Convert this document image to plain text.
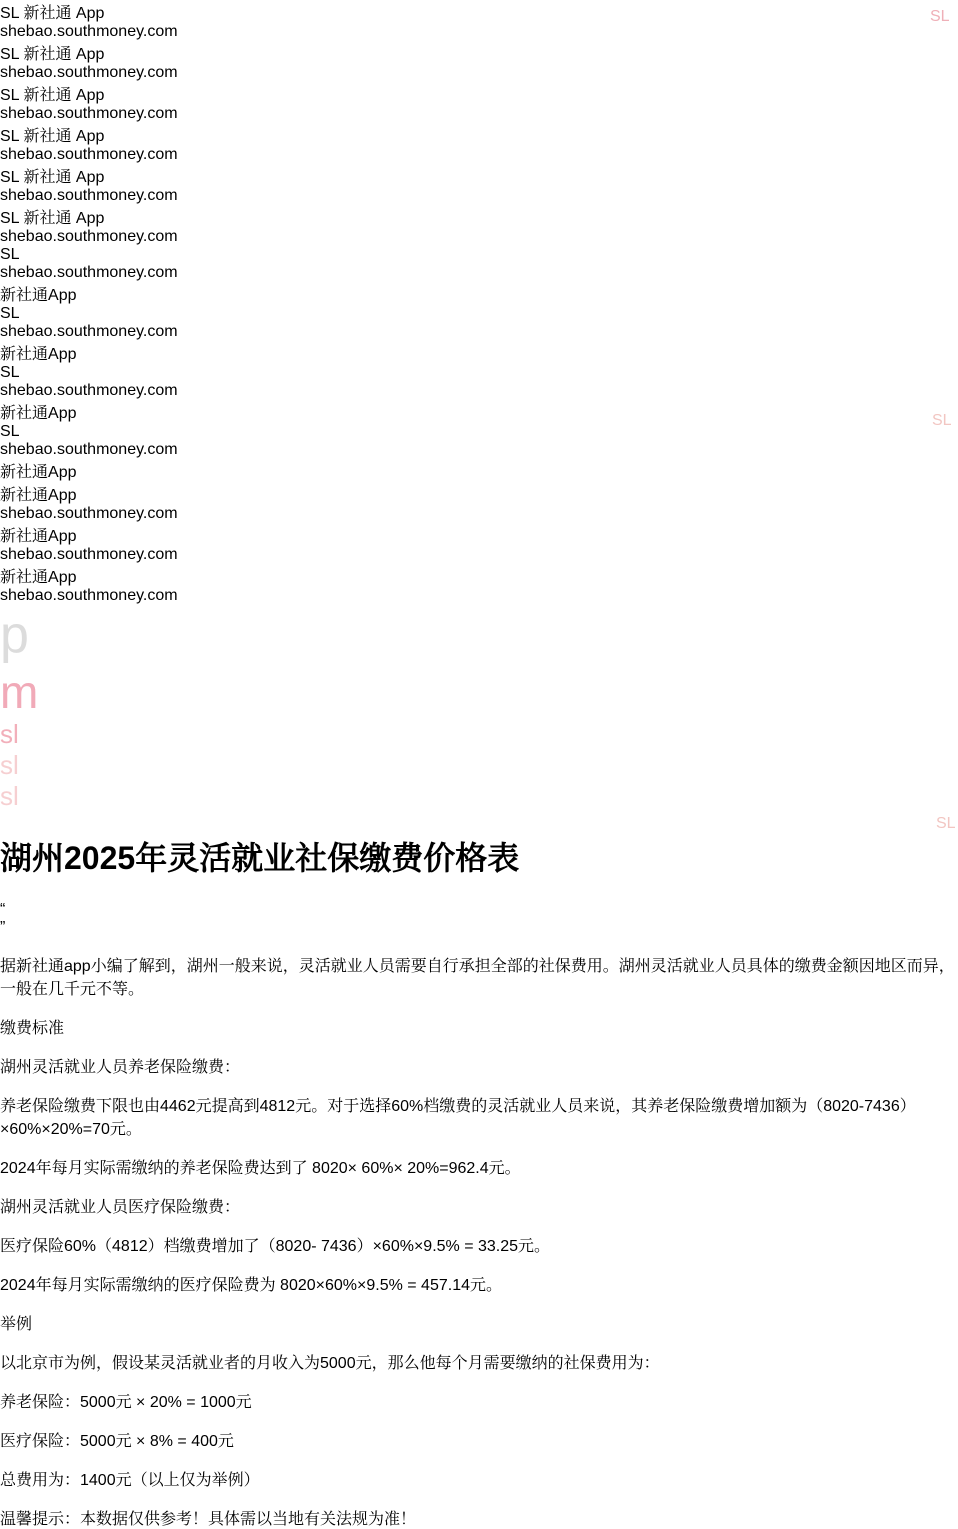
SL 新社通 App
shebao.southmoney.com
SL 新社通 App
shebao.southmoney.com
SL 新社通 App
shebao.southmoney.com
SL 新社通 App
shebao.southmoney.com
SL 新社通 App
shebao.southmoney.com
SL 新社通 App
shebao.southmoney.com
SL
shebao.southmoney.com
新社通App
SL
shebao.southmoney.com
新社通App
SL
shebao.southmoney.com
新社通App
SL
shebao.southmoney.com
新社通App
新社通App
shebao.southmoney.com
新社通App
shebao.southmoney.com
新社通App
shebao.southmoney.com
p
m
SL
sl
SL
sl
SL
sl
湖州2025年灵活就业社保缴费价格表
“
”

据新社通app小编了解到，湖州一般来说，灵活就业人员需要自行承担全部的社保费用。湖州灵活就业人员具体的缴费金额因地区而异，一般在几千元不等。

缴费标准

湖州灵活就业人员养老保险缴费：

养老保险缴费下限也由4462元提高到4812元。对于选择60%档缴费的灵活就业人员来说，其养老保险缴费增加额为（8020-7436）×60%×20%=70元。

2024年每月实际需缴纳的养老保险费达到了 8020× 60%× 20%=962.4元。

湖州灵活就业人员医疗保险缴费：

医疗保险60%（4812）档缴费增加了（8020- 7436）×60%×9.5% = 33.25元。

2024年每月实际需缴纳的医疗保险费为 8020×60%×9.5% = 457.14元。

举例

以北京市为例，假设某灵活就业者的月收入为5000元，那么他每个月需要缴纳的社保费用为：

养老保险：5000元 × 20% = 1000元

医疗保险：5000元 × 8% = 400元

总费用为：1400元（以上仅为举例）

温馨提示：本数据仅供参考！具体需以当地有关法规为准！
